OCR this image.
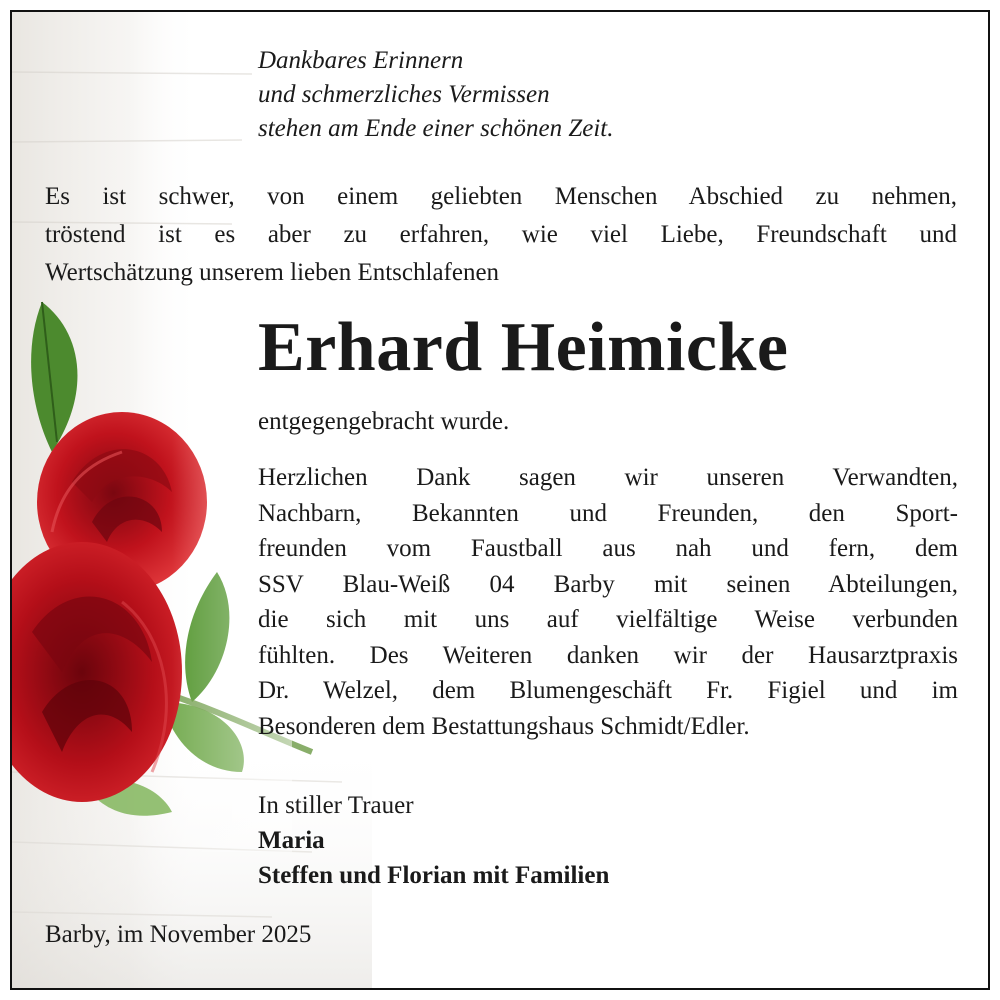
Dankbares Erinnern
und schmerzliches Vermissen
stehen am Ende einer schönen Zeit.
Es ist schwer, von einem geliebten Menschen Abschied zu nehmen,
tröstend ist es aber zu erfahren, wie viel Liebe, Freundschaft und
Wertschätzung unserem lieben Entschlafenen
Erhard Heimicke
entgegengebracht wurde.
Herzlichen Dank sagen wir unseren Verwandten,
Nachbarn, Bekannten und Freunden, den Sport-
freunden vom Faustball aus nah und fern, dem
SSV Blau-Weiß 04 Barby mit seinen Abteilungen,
die sich mit uns auf vielfältige Weise verbunden
fühlten. Des Weiteren danken wir der Hausarztpraxis
Dr. Welzel, dem Blumengeschäft Fr. Figiel und im
Besonderen dem Bestattungshaus Schmidt/Edler.
In stiller Trauer
Maria
Steffen und Florian mit Familien
Barby, im November 2025
